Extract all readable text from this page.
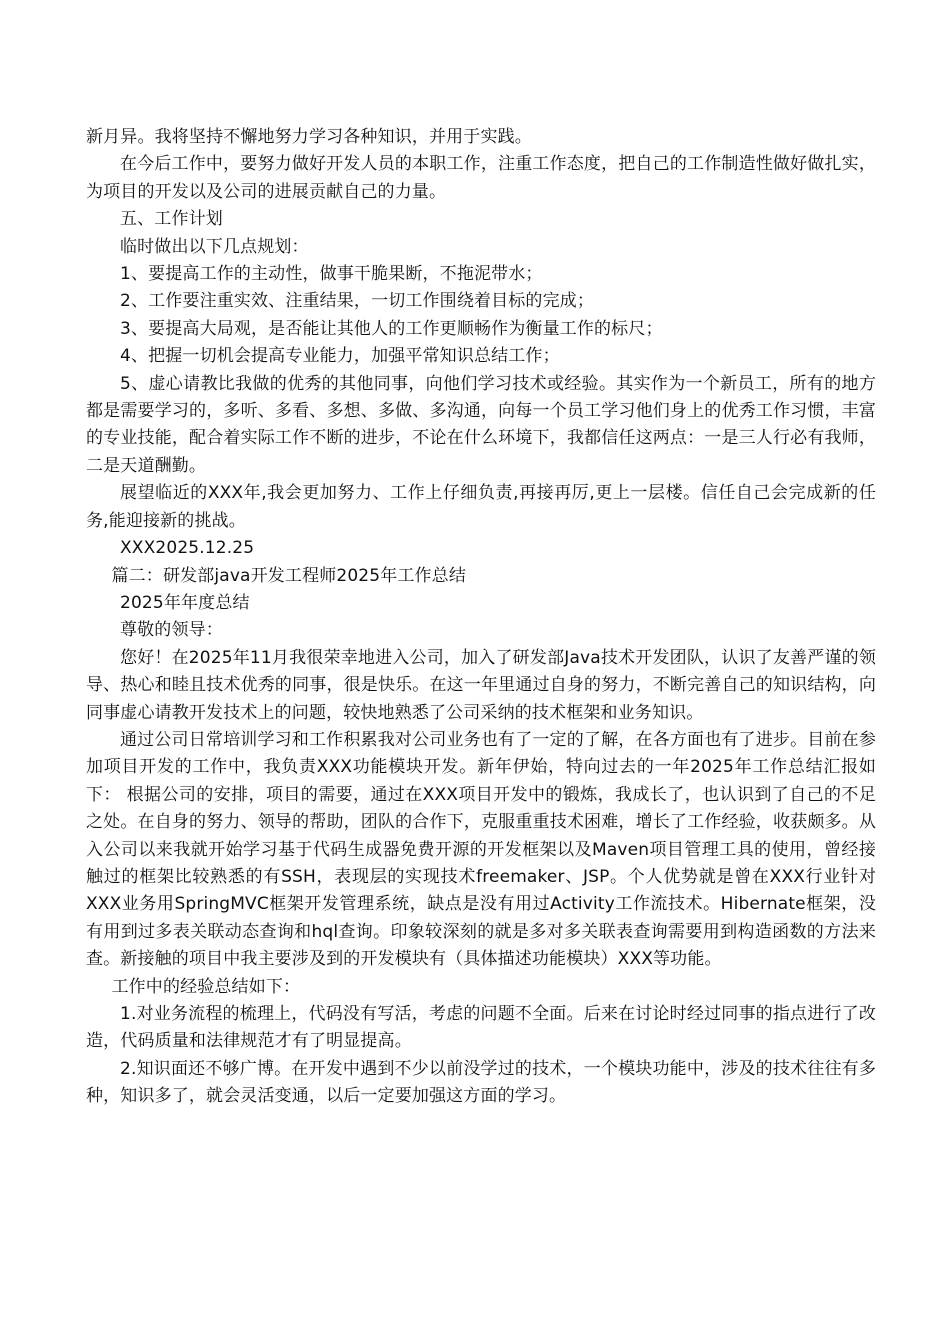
新月异。我将坚持不懈地努力学习各种知识，并用于实践。

在今后工作中，要努力做好开发人员的本职工作，注重工作态度，把自己的工作制造性做好做扎实，为项目的开发以及公司的进展贡献自己的力量。

五、工作计划

临时做出以下几点规划：

1、要提高工作的主动性，做事干脆果断，不拖泥带水；

2、工作要注重实效、注重结果，一切工作围绕着目标的完成；

3、要提高大局观，是否能让其他人的工作更顺畅作为衡量工作的标尺；

4、把握一切机会提高专业能力，加强平常知识总结工作；

5、虚心请教比我做的优秀的其他同事，向他们学习技术或经验。其实作为一个新员工，所有的地方都是需要学习的，多听、多看、多想、多做、多沟通，向每一个员工学习他们身上的优秀工作习惯，丰富的专业技能，配合着实际工作不断的进步，不论在什么环境下，我都信任这两点：一是三人行必有我师，二是天道酬勤。

展望临近的XXX年,我会更加努力、工作上仔细负责,再接再厉,更上一层楼。信任自己会完成新的任务,能迎接新的挑战。

XXX2025.12.25

篇二：研发部java开发工程师2025年工作总结

2025年年度总结

尊敬的领导：

您好！在2025年11月我很荣幸地进入公司，加入了研发部Java技术开发团队，认识了友善严谨的领导、热心和睦且技术优秀的同事，很是快乐。在这一年里通过自身的努力，不断完善自己的知识结构，向同事虚心请教开发技术上的问题，较快地熟悉了公司采纳的技术框架和业务知识。

通过公司日常培训学习和工作积累我对公司业务也有了一定的了解，在各方面也有了进步。目前在参加项目开发的工作中，我负责XXX功能模块开发。新年伊始，特向过去的一年2025年工作总结汇报如下： 根据公司的安排，项目的需要，通过在XXX项目开发中的锻炼，我成长了，也认识到了自己的不足之处。在自身的努力、领导的帮助，团队的合作下，克服重重技术困难，增长了工作经验，收获颇多。从入公司以来我就开始学习基于代码生成器免费开源的开发框架以及Maven项目管理工具的使用，曾经接触过的框架比较熟悉的有SSH，表现层的实现技术freemaker、JSP。个人优势就是曾在XXX行业针对XXX业务用SpringMVC框架开发管理系统，缺点是没有用过Activity工作流技术。Hibernate框架，没有用到过多表关联动态查询和hql查询。印象较深刻的就是多对多关联表查询需要用到构造函数的方法来查。新接触的项目中我主要涉及到的开发模块有（具体描述功能模块）XXX等功能。

工作中的经验总结如下：

1.对业务流程的梳理上，代码没有写活，考虑的问题不全面。后来在讨论时经过同事的指点进行了改造，代码质量和法律规范才有了明显提高。

2.知识面还不够广博。在开发中遇到不少以前没学过的技术，一个模块功能中，涉及的技术往往有多种，知识多了，就会灵活变通，以后一定要加强这方面的学习。
